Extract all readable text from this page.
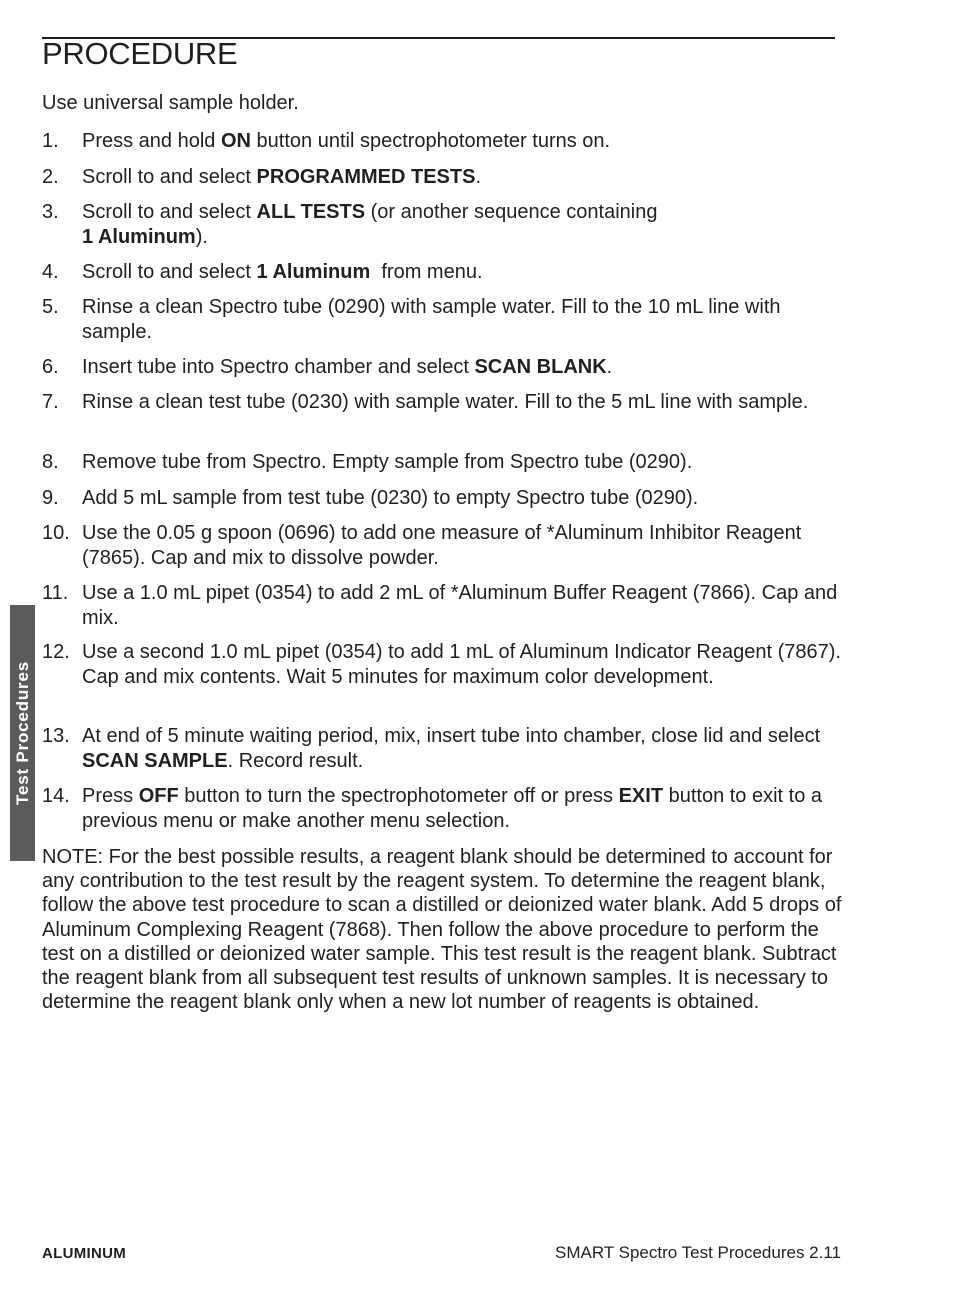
PROCEDURE
Use universal sample holder.
1.	Press and hold ON button until spectrophotometer turns on.
2.	Scroll to and select PROGRAMMED TESTS.
3.	Scroll to and select ALL TESTS (or another sequence containing
1 Aluminum).
4.	Scroll to and select 1 Aluminum  from menu.
5.	Rinse a clean Spectro tube (0290) with sample water. Fill to the 10 mL line with sample.
6.	Insert tube into Spectro chamber and select SCAN BLANK.
7.	Rinse a clean test tube (0230) with sample water. Fill to the 5 mL line with sample.
8.	Remove tube from Spectro. Empty sample from Spectro tube (0290).
9.	Add 5 mL sample from test tube (0230) to empty Spectro tube (0290).
10. Use the 0.05 g spoon (0696) to add one measure of *Aluminum Inhibitor Reagent (7865). Cap and mix to dissolve powder.
11. Use a 1.0 mL pipet (0354) to add 2 mL of *Aluminum Buffer Reagent (7866). Cap and mix.
12. Use a second 1.0 mL pipet (0354) to add 1 mL of Aluminum Indicator Reagent (7867). Cap and mix contents. Wait 5 minutes for maximum color development.
13. At end of 5 minute waiting period, mix, insert tube into chamber, close lid and select SCAN SAMPLE. Record result.
14. Press OFF button to turn the spectrophotometer off or press EXIT button to exit to a previous menu or make another menu selection.

NOTE: For the best possible results, a reagent blank should be determined to account for any contribution to the test result by the reagent system. To determine the reagent blank, follow the above test procedure to scan a distilled or deionized water blank. Add 5 drops of Aluminum Complexing Reagent (7868). Then follow the above procedure to perform the test on a distilled or deionized water sample. This test result is the reagent blank. Subtract the reagent blank from all subsequent test results of unknown samples. It is necessary to determine the reagent blank only when a new lot number of reagents is obtained.

Test Procedures
ALUMINUM	SMART Spectro Test Procedures 2.11
